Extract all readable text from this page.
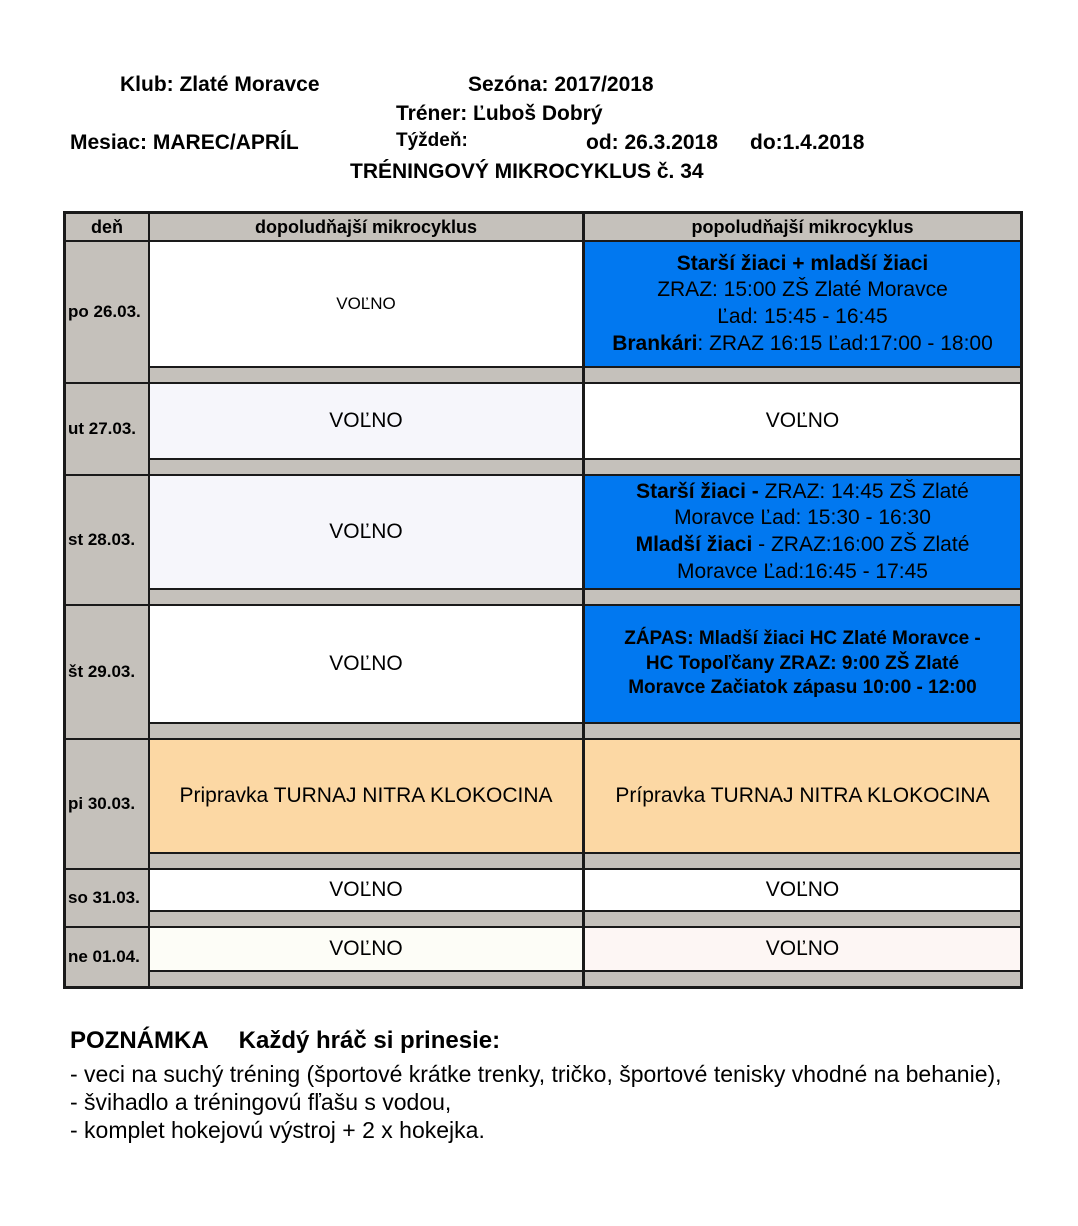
Klub: Zlaté Moravce	Sezóna: 2017/2018
Tréner: Ľuboš Dobrý
Mesiac: MAREC/APRÍL	Týždeň:	od: 26.3.2018 do:1.4.2018
TRÉNINGOVÝ MIKROCYKLUS č. 34
deň	dopoludňajší mikrocyklus	popoludňajší mikrocyklus
po 26.03.	VOĽNO	Starší žiaci + mladší žiaci
ZRAZ: 15:00 ZŠ Zlaté Moravce
Ľad: 15:45 - 16:45
Brankári: ZRAZ 16:15 Ľad:17:00 - 18:00

ut 27.03.	VOĽNO	VOĽNO

st 28.03.	VOĽNO	Starší žiaci - ZRAZ: 14:45 ZŠ Zlaté
Moravce Ľad: 15:30 - 16:30
Mladší žiaci - ZRAZ:16:00 ZŠ Zlaté
Moravce Ľad:16:45 - 17:45

št 29.03.	VOĽNO	ZÁPAS: Mladší žiaci HC Zlaté Moravce -
HC Topoľčany ZRAZ: 9:00 ZŠ Zlaté
Moravce Začiatok zápasu 10:00 - 12:00

pi 30.03.	Pripravka TURNAJ NITRA KLOKOCINA	Prípravka TURNAJ NITRA KLOKOCINA

so 31.03.	VOĽNO	VOĽNO

ne 01.04.	VOĽNO	VOĽNO
POZNÁMKA Každý hráč si prinesie:
- veci na suchý tréning (športové krátke trenky, tričko, športové tenisky vhodné na behanie),
- švihadlo a tréningovú fľašu s vodou,
- komplet hokejovú výstroj + 2 x hokejka.
